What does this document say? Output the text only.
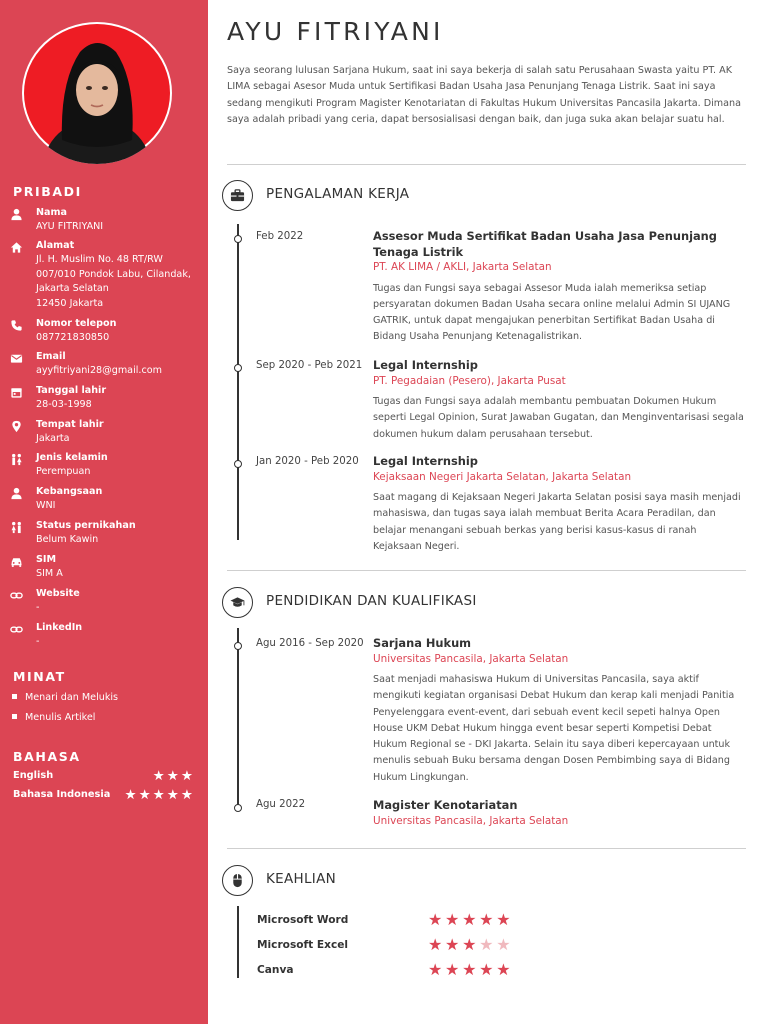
PRIBADI
Nama
AYU FITRIYANI
Alamat
Jl. H. Muslim No. 48 RT/RW
007/010 Pondok Labu, Cilandak,
Jakarta Selatan
12450 Jakarta
Nomor telepon
087721830850
Email
ayyfitriyani28@gmail.com
Tanggal lahir
28-03-1998
Tempat lahir
Jakarta
Jenis kelamin
Perempuan
Kebangsaan
WNI
Status pernikahan
Belum Kawin
SIM
SIM A
Website
-
LinkedIn
-
MINAT
Menari dan Melukis
Menulis Artikel
BAHASA
English	★★★
Bahasa Indonesia ★★★★★
AYU FITRIYANI

Saya seorang lulusan Sarjana Hukum, saat ini saya bekerja di salah satu Perusahaan Swasta yaitu PT. AK LIMA sebagai Asesor Muda untuk Sertifikasi Badan Usaha Jasa Penunjang Tenaga Listrik. Saat ini saya sedang mengikuti Program Magister Kenotariatan di Fakultas Hukum Universitas Pancasila Jakarta. Dimana saya adalah pribadi yang ceria, dapat bersosialisasi dengan baik, dan juga suka akan belajar suatu hal.

PENGALAMAN KERJA
Feb 2022	Assesor Muda Sertifikat Badan Usaha Jasa Penunjang Tenaga Listrik
PT. AK LIMA / AKLI, Jakarta Selatan
Tugas dan Fungsi saya sebagai Assesor Muda ialah memeriksa setiap persyaratan dokumen Badan Usaha secara online melalui Admin SI UJANG GATRIK, untuk dapat mengajukan penerbitan Sertifikat Badan Usaha di Bidang Usaha Penunjang Ketenagalistrikan.
Sep 2020 - Peb 2021 Legal Internship
PT. Pegadaian (Pesero), Jakarta Pusat
Tugas dan Fungsi saya adalah membantu pembuatan Dokumen Hukum seperti Legal Opinion, Surat Jawaban Gugatan, dan Menginventarisasi segala dokumen hukum dalam perusahaan tersebut.
Jan 2020 - Peb 2020 Legal Internship
Kejaksaan Negeri Jakarta Selatan, Jakarta Selatan
Saat magang di Kejaksaan Negeri Jakarta Selatan posisi saya masih menjadi mahasiswa, dan tugas saya ialah membuat Berita Acara Peradilan, dan belajar menangani sebuah berkas yang berisi kasus-kasus di ranah Kejaksaan Negeri.
PENDIDIKAN DAN KUALIFIKASI
Agu 2016 - Sep 2020 Sarjana Hukum
Universitas Pancasila, Jakarta Selatan
Saat menjadi mahasiswa Hukum di Universitas Pancasila, saya aktif mengikuti kegiatan organisasi Debat Hukum dan kerap kali menjadi Panitia Penyelenggara event-event, dari sebuah event kecil sepeti halnya Open House UKM Debat Hukum hingga event besar seperti Kompetisi Debat Hukum Regional se - DKI Jakarta. Selain itu saya diberi kepercayaan untuk menulis sebuah Buku bersama dengan Dosen Pembimbing saya di Bidang Hukum Lingkungan.
Agu 2022	Magister Kenotariatan
Universitas Pancasila, Jakarta Selatan
KEAHLIAN
Microsoft Word	★★★★★
Microsoft Excel	★★★★★
Canva	★★★★★
